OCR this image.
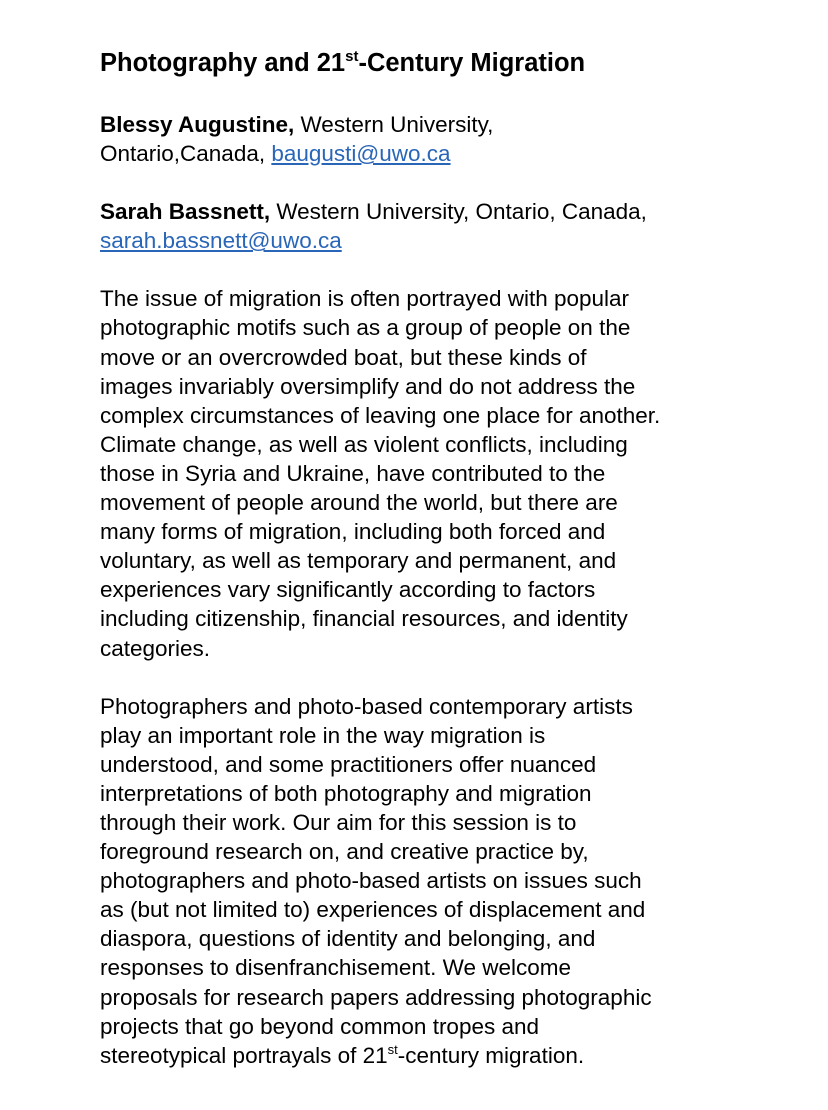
Photography and 21st-Century Migration

Blessy Augustine, Western University,
Ontario,Canada, baugusti@uwo.ca

Sarah Bassnett, Western University, Ontario, Canada,
sarah.bassnett@uwo.ca

The issue of migration is often portrayed with popular
photographic motifs such as a group of people on the
move or an overcrowded boat, but these kinds of
images invariably oversimplify and do not address the
complex circumstances of leaving one place for another.
Climate change, as well as violent conflicts, including
those in Syria and Ukraine, have contributed to the
movement of people around the world, but there are
many forms of migration, including both forced and
voluntary, as well as temporary and permanent, and
experiences vary significantly according to factors
including citizenship, financial resources, and identity
categories.

Photographers and photo-based contemporary artists
play an important role in the way migration is
understood, and some practitioners offer nuanced
interpretations of both photography and migration
through their work. Our aim for this session is to
foreground research on, and creative practice by,
photographers and photo-based artists on issues such
as (but not limited to) experiences of displacement and
diaspora, questions of identity and belonging, and
responses to disenfranchisement. We welcome
proposals for research papers addressing photographic
projects that go beyond common tropes and
stereotypical portrayals of 21st-century migration.
